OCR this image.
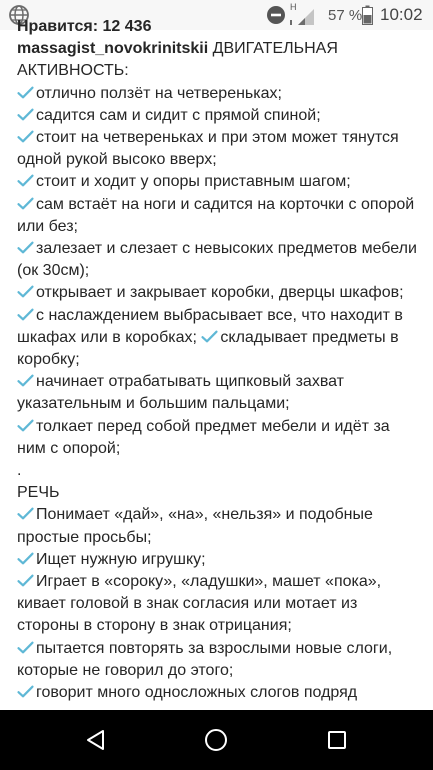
H 57 % 10:02
Нравится: 12 436

massagist_novokrinitskii ДВИГАТЕЛЬНАЯ АКТИВНОСТЬ:

отлично ползёт на четвереньках;

садится сам и сидит с прямой спиной;

стоит на четвереньках и при этом может тянутся одной рукой высоко вверх;

стоит и ходит у опоры приставным шагом;

сам встаёт на ноги и садится на корточки с опорой или без;

залезает и слезает с невысоких предметов мебели (ок 30см);

открывает и закрывает коробки, дверцы шкафов;

с наслаждением выбрасывает все, что находит в шкафах или в коробках; складывает предметы в коробку;

начинает отрабатывать щипковый захват указательным и большим пальцами;

толкает перед собой предмет мебели и идёт за ним с опорой;

.

РЕЧЬ

Понимает «дай», «на», «нельзя» и подобные простые просьбы;

Ищет нужную игрушку;

Играет в «сороку», «ладушки», машет «пока», кивает головой в знак согласия или мотает из стороны в сторону в знак отрицания;

пытается повторять за взрослыми новые слоги, которые не говорил до этого;

говорит много односложных слогов подряд
